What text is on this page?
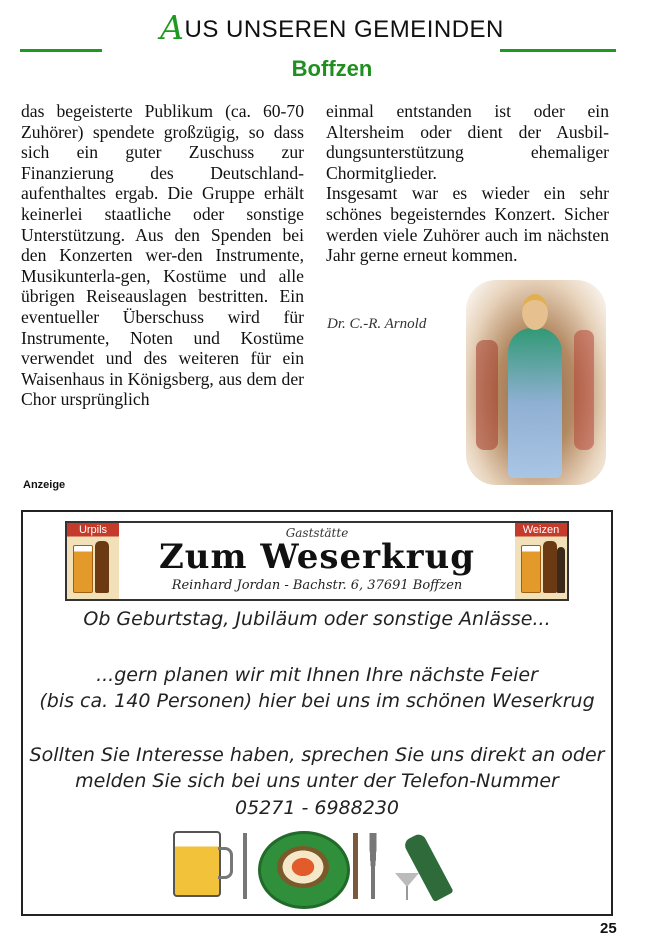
AUS UNSEREN GEMEINDEN
Boffzen

das begeisterte Publikum (ca. 60-70 Zuhörer) spendete großzügig, so dass sich ein guter Zuschuss zur Finanzierung des Deutschland-aufenthaltes ergab. Die Gruppe erhält keinerlei staatliche oder sonstige Unterstützung. Aus den Spenden bei den Konzerten wer-den Instrumente, Musikunterla-gen, Kostüme und alle übrigen Reiseauslagen bestritten. Ein eventueller Überschuss wird für Instrumente, Noten und Kostüme verwendet und des weiteren für ein Waisenhaus in Königsberg, aus dem der Chor ursprünglich

einmal entstanden ist oder ein Altersheim oder dient der Ausbil-dungsunterstützung ehemaliger Chormitglieder.

Insgesamt war es wieder ein sehr schönes begeisterndes Konzert. Sicher werden viele Zuhörer auch im nächsten Jahr gerne erneut kommen.

Dr. C.-R. Arnold
Anzeige
Urpils	Gaststätte
Zum Weserkrug
Reinhard Jordan - Bachstr. 6, 37691 Boffzen
Weizen
Ob Geburtstag, Jubiläum oder sonstige Anlässe...
...gern planen wir mit Ihnen Ihre nächste Feier
(bis ca. 140 Personen) hier bei uns im schönen Weserkrug
Sollten Sie Interesse haben, sprechen Sie uns direkt an oder
melden Sie sich bei uns unter der Telefon-Nummer
05271 - 6988230
25
